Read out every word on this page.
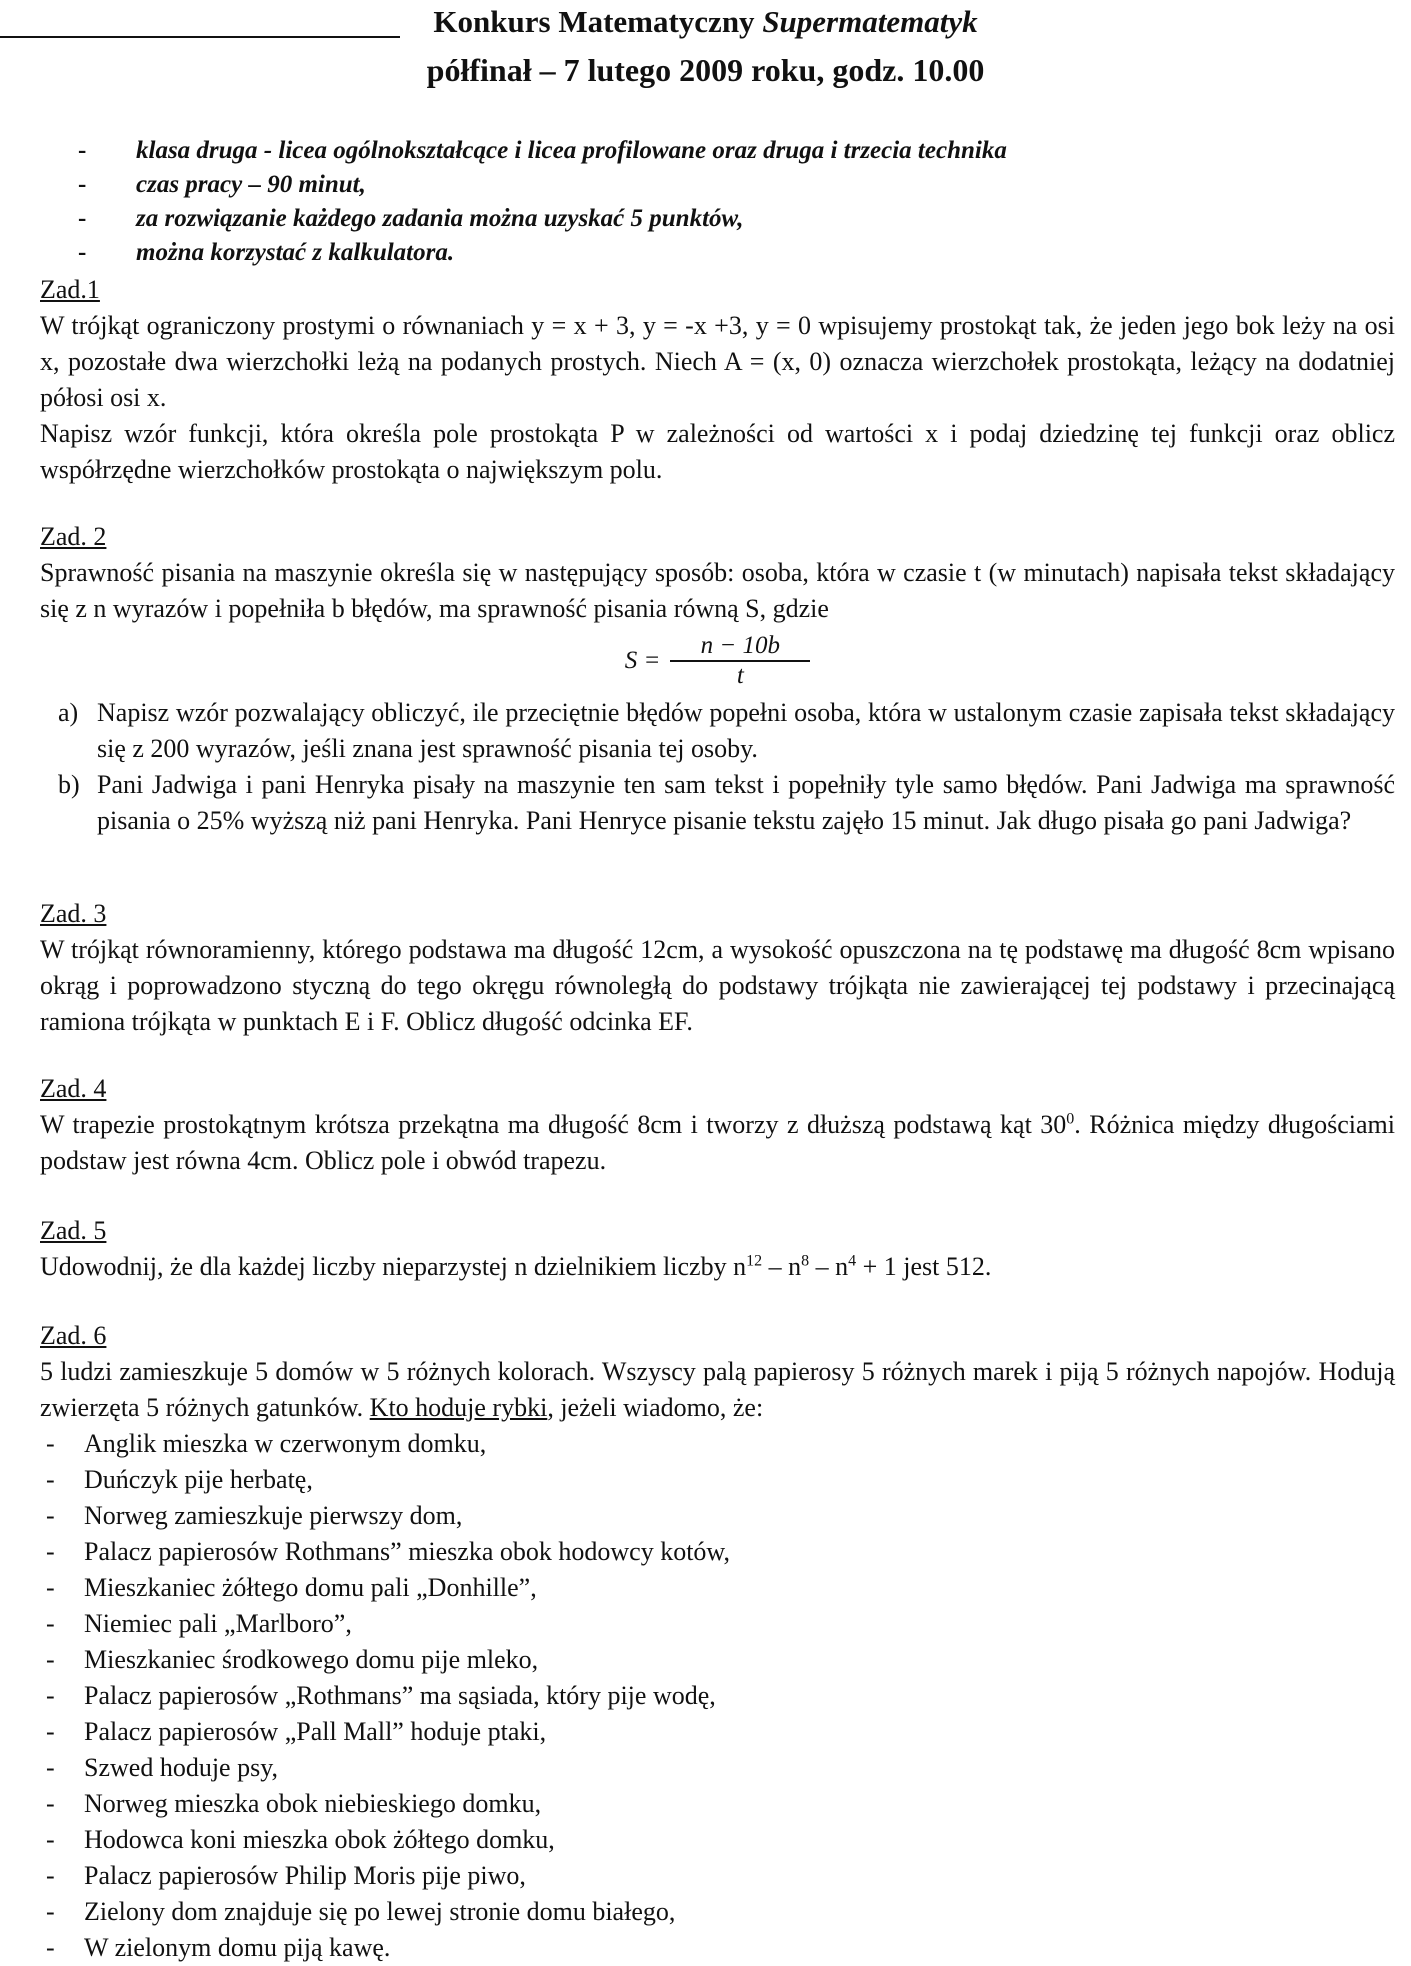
Konkurs Matematyczny Supermatematyk
półfinał – 7 lutego 2009 roku, godz. 10.00
- klasa druga - licea ogólnokształcące i licea profilowane oraz druga i trzecia technika
- czas pracy – 90 minut,
- za rozwiązanie każdego zadania można uzyskać 5 punktów,
- można korzystać z kalkulatora.
Zad.1

W trójkąt ograniczony prostymi o równaniach y = x + 3, y = -x +3, y = 0 wpisujemy prostokąt tak, że jeden jego bok leży na osi x, pozostałe dwa wierzchołki leżą na podanych prostych. Niech A = (x, 0) oznacza wierzchołek prostokąta, leżący na dodatniej półosi osi x.

Napisz wzór funkcji, która określa pole prostokąta P w zależności od wartości x i podaj dziedzinę tej funkcji oraz oblicz współrzędne wierzchołków prostokąta o największym polu.

Zad. 2

Sprawność pisania na maszynie określa się w następujący sposób: osoba, która w czasie t (w minutach) napisała tekst składający się z n wyrazów i popełniła b błędów, ma sprawność pisania równą S, gdzie

$S = \frac{n - 10b}{t}$
a) Napisz wzór pozwalający obliczyć, ile przeciętnie błędów popełni osoba, która w ustalonym czasie zapisała tekst składający się z 200 wyrazów, jeśli znana jest sprawność pisania tej osoby.
b) Pani Jadwiga i pani Henryka pisały na maszynie ten sam tekst i popełniły tyle samo błędów. Pani Jadwiga ma sprawność pisania o 25% wyższą niż pani Henryka. Pani Henryce pisanie tekstu zajęło 15 minut. Jak długo pisała go pani Jadwiga?
Zad. 3

W trójkąt równoramienny, którego podstawa ma długość 12cm, a wysokość opuszczona na tę podstawę ma długość 8cm wpisano okrąg i poprowadzono styczną do tego okręgu równoległą do podstawy trójkąta nie zawierającej tej podstawy i przecinającą ramiona trójkąta w punktach E i F. Oblicz długość odcinka EF.

Zad. 4

W trapezie prostokątnym krótsza przekątna ma długość 8cm i tworzy z dłuższą podstawą kąt $30^0$. Różnica między długościami podstaw jest równa 4cm. Oblicz pole i obwód trapezu.

Zad. 5

Udowodnij, że dla każdej liczby nieparzystej n dzielnikiem liczby $n^{12} - n^8 - n^4 + 1$ jest 512.

Zad. 6

5 ludzi zamieszkuje 5 domów w 5 różnych kolorach. Wszyscy palą papierosy 5 różnych marek i piją 5 różnych napojów. Hodują zwierzęta 5 różnych gatunków. Kto hoduje rybki, jeżeli wiadomo, że:

- Anglik mieszka w czerwonym domku,
- Duńczyk pije herbatę,
- Norweg zamieszkuje pierwszy dom,
- Palacz papierosów Rothmans” mieszka obok hodowcy kotów,
- Mieszkaniec żółtego domu pali „Donhille”,
- Niemiec pali „Marlboro”,
- Mieszkaniec środkowego domu pije mleko,
- Palacz papierosów „Rothmans” ma sąsiada, który pije wodę,
- Palacz papierosów „Pall Mall” hoduje ptaki,
- Szwed hoduje psy,
- Norweg mieszka obok niebieskiego domku,
- Hodowca koni mieszka obok żółtego domku,
- Palacz papierosów Philip Moris pije piwo,
- Zielony dom znajduje się po lewej stronie domu białego,
- W zielonym domu piją kawę.
